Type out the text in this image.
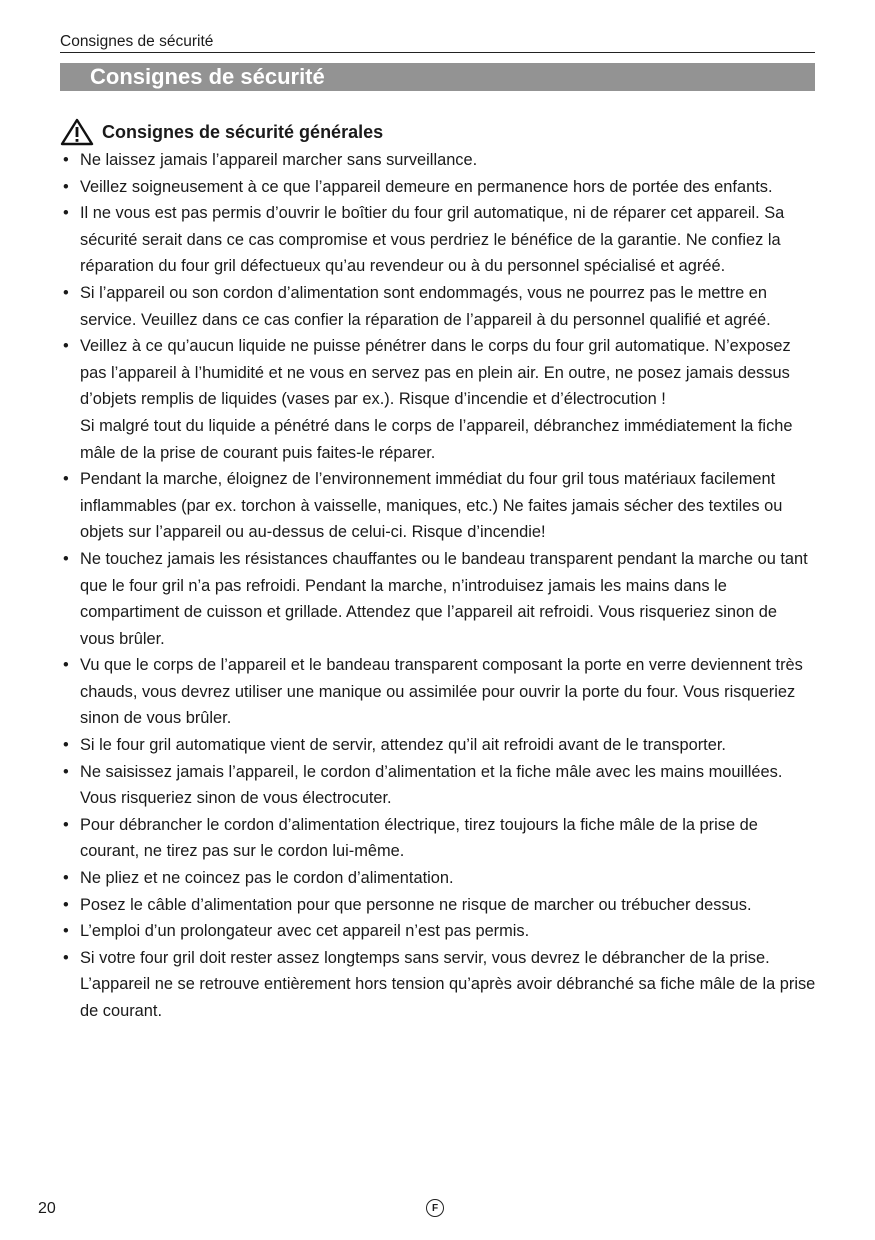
Consignes de sécurité
Consignes de sécurité
Consignes de sécurité générales

• Ne laissez jamais l’appareil marcher sans surveillance.

• Veillez soigneusement à ce que l’appareil demeure en permanence hors de portée des enfants.

• Il ne vous est pas permis d’ouvrir le boîtier du four gril automatique, ni de réparer cet appareil. Sa sécurité serait dans ce cas compromise et vous perdriez le bénéfice de la garantie. Ne confiez la réparation du four gril défectueux qu’au revendeur ou à du personnel spécialisé et agréé.

• Si l’appareil ou son cordon d’alimentation sont endommagés, vous ne pourrez pas le mettre en service. Veuillez dans ce cas confier la réparation de l’appareil à du personnel qualifié et agréé.

• Veillez à ce qu’aucun liquide ne puisse pénétrer dans le corps du four gril automatique. N’exposez pas l’appareil à l’humidité et ne vous en servez pas en plein air. En outre, ne posez jamais dessus d’objets remplis de liquides (vases par ex.). Risque d’incendie et d’électrocution !

Si malgré tout du liquide a pénétré dans le corps de l’appareil, débranchez immédiatement la fiche mâle de la prise de courant puis faites-le réparer.

• Pendant la marche, éloignez de l’environnement immédiat du four gril tous matériaux facilement inflammables (par ex. torchon à vaisselle, maniques, etc.) Ne faites jamais sécher des textiles ou objets sur l’appareil ou au-dessus de celui-ci. Risque d’incendie!

• Ne touchez jamais les résistances chauffantes ou le bandeau transparent pendant la marche ou tant que le four gril n’a pas refroidi. Pendant la marche, n’introduisez jamais les mains dans le compartiment de cuisson et grillade. Attendez que l’appareil ait refroidi. Vous risqueriez sinon de vous brûler.

• Vu que le corps de l’appareil et le bandeau transparent composant la porte en verre deviennent très chauds, vous devrez utiliser une manique ou assimilée pour ouvrir la porte du four. Vous risqueriez sinon de vous brûler.

• Si le four gril automatique vient de servir, attendez qu’il ait refroidi avant de le transporter.

• Ne saisissez jamais l’appareil, le cordon d’alimentation et la fiche mâle avec les mains mouillées. Vous risqueriez sinon de vous électrocuter.

• Pour débrancher le cordon d’alimentation électrique, tirez toujours la fiche mâle de la prise de courant, ne tirez pas sur le cordon lui-même.

• Ne pliez et ne coincez pas le cordon d’alimentation.

• Posez le câble d’alimentation pour que personne ne risque de marcher ou trébucher dessus.

• L’emploi d’un prolongateur avec cet appareil n’est pas permis.

• Si votre four gril doit rester assez longtemps sans servir, vous devrez le débrancher de la prise. L’appareil ne se retrouve entièrement hors tension qu’après avoir débranché sa fiche mâle de la prise de courant.

20	F
